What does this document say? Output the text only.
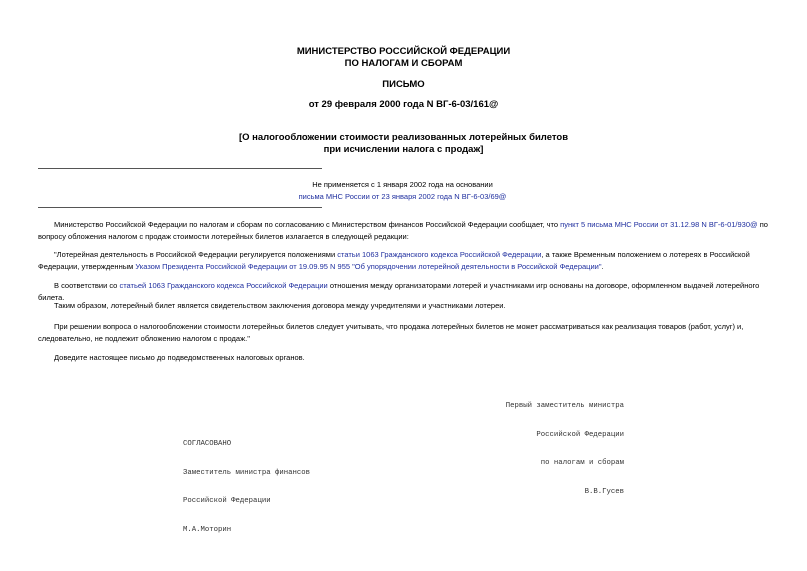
МИНИСТЕРСТВО РОССИЙСКОЙ ФЕДЕРАЦИИ
ПО НАЛОГАМ И СБОРАМ
ПИСЬМО
от 29 февраля 2000 года N ВГ-6-03/161@
[О налогообложении стоимости реализованных лотерейных билетов
при исчислении налога с продаж]
Не применяется с 1 января 2002 года на основании
письма МНС России от 23 января 2002 года N ВГ-6-03/69@
Министерство Российской Федерации по налогам и сборам по согласованию с Министерством финансов Российской Федерации сообщает, что пункт 5 письма МНС России от 31.12.98 N ВГ-6-01/930@ по вопросу обложения налогом с продаж стоимости лотерейных билетов излагается в следующей редакции:
"Лотерейная деятельность в Российской Федерации регулируется положениями статьи 1063 Гражданского кодекса Российской Федерации, а также Временным положением о лотереях в Российской Федерации, утвержденным Указом Президента Российской Федерации от 19.09.95 N 955 "Об упорядочении лотерейной деятельности в Российской Федерации".
В соответствии со статьей 1063 Гражданского кодекса Российской Федерации отношения между организаторами лотерей и участниками игр основаны на договоре, оформленном выдачей лотерейного билета.
Таким образом, лотерейный билет является свидетельством заключения договора между учредителями и участниками лотереи.
При решении вопроса о налогообложении стоимости лотерейных билетов следует учитывать, что продажа лотерейных билетов не может рассматриваться как реализация товаров (работ, услуг) и, следовательно, не подлежит обложению налогом с продаж."
Доведите настоящее письмо до подведомственных налоговых органов.

Первый заместитель министра

Российской Федерации

по налогам и сборам

В.В.Гусев

СОГЛАСОВАНО

Заместитель министра финансов

Российской Федерации

М.А.Моторин
